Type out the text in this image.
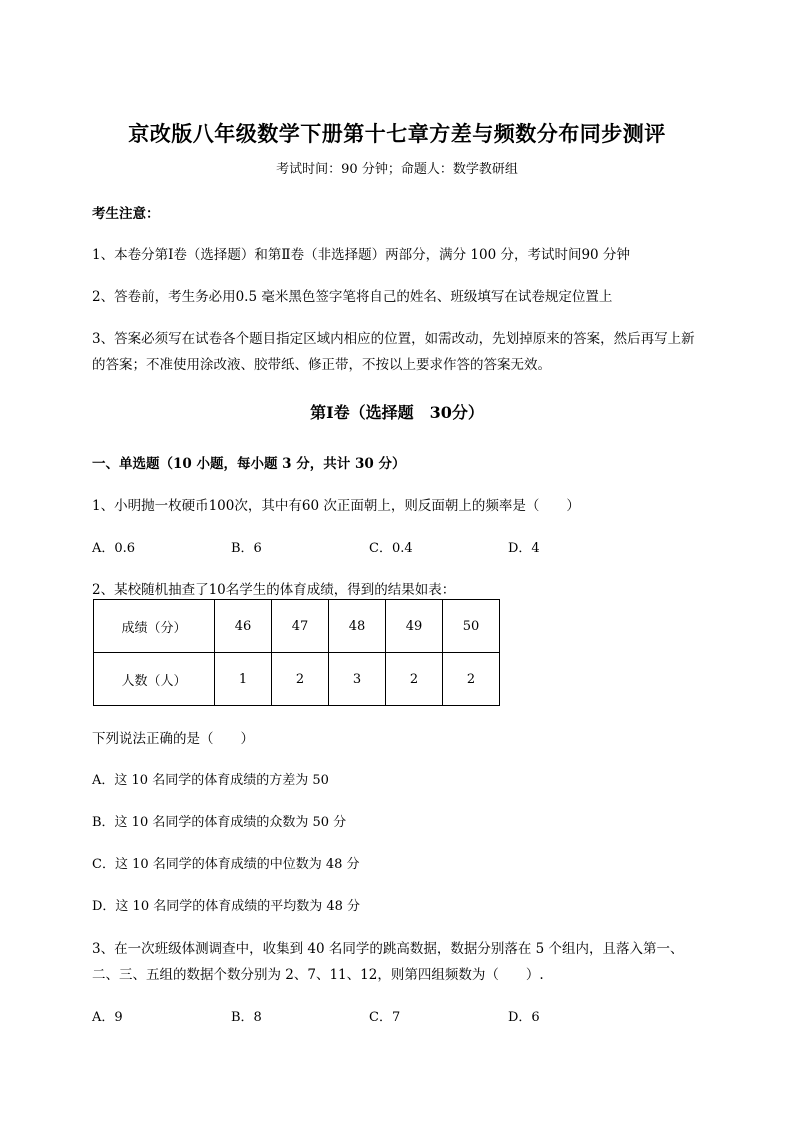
京改版八年级数学下册第十七章方差与频数分布同步测评
考试时间：90 分钟；命题人：数学教研组
考生注意：
1、本卷分第Ⅰ卷（选择题）和第Ⅱ卷（非选择题）两部分，满分 100 分，考试时间90 分钟
2、答卷前，考生务必用0.5 毫米黑色签字笔将自己的姓名、班级填写在试卷规定位置上
3、答案必须写在试卷各个题目指定区域内相应的位置，如需改动，先划掉原来的答案，然后再写上新
的答案；不准使用涂改液、胶带纸、修正带，不按以上要求作答的答案无效。
第Ⅰ卷（选择题　30分）
一、单选题（10 小题，每小题 3 分，共计 30 分）
1、小明抛一枚硬币100次，其中有60 次正面朝上，则反面朝上的频率是（　　）
A．0.6	B．6	C．0.4	D．4
2、某校随机抽查了10名学生的体育成绩，得到的结果如表：
成绩（分）	46	47	48	49	50
人数（人）	1	2	3	2	2
下列说法正确的是（　　）
A．这 10 名同学的体育成绩的方差为 50
B．这 10 名同学的体育成绩的众数为 50 分
C．这 10 名同学的体育成绩的中位数为 48 分
D．这 10 名同学的体育成绩的平均数为 48 分
3、在一次班级体测调查中，收集到 40 名同学的跳高数据，数据分别落在 5 个组内，且落入第一、
二、三、五组的数据个数分别为 2、7、11、12，则第四组频数为（　　）.
A．9	B．8	C．7	D．6
